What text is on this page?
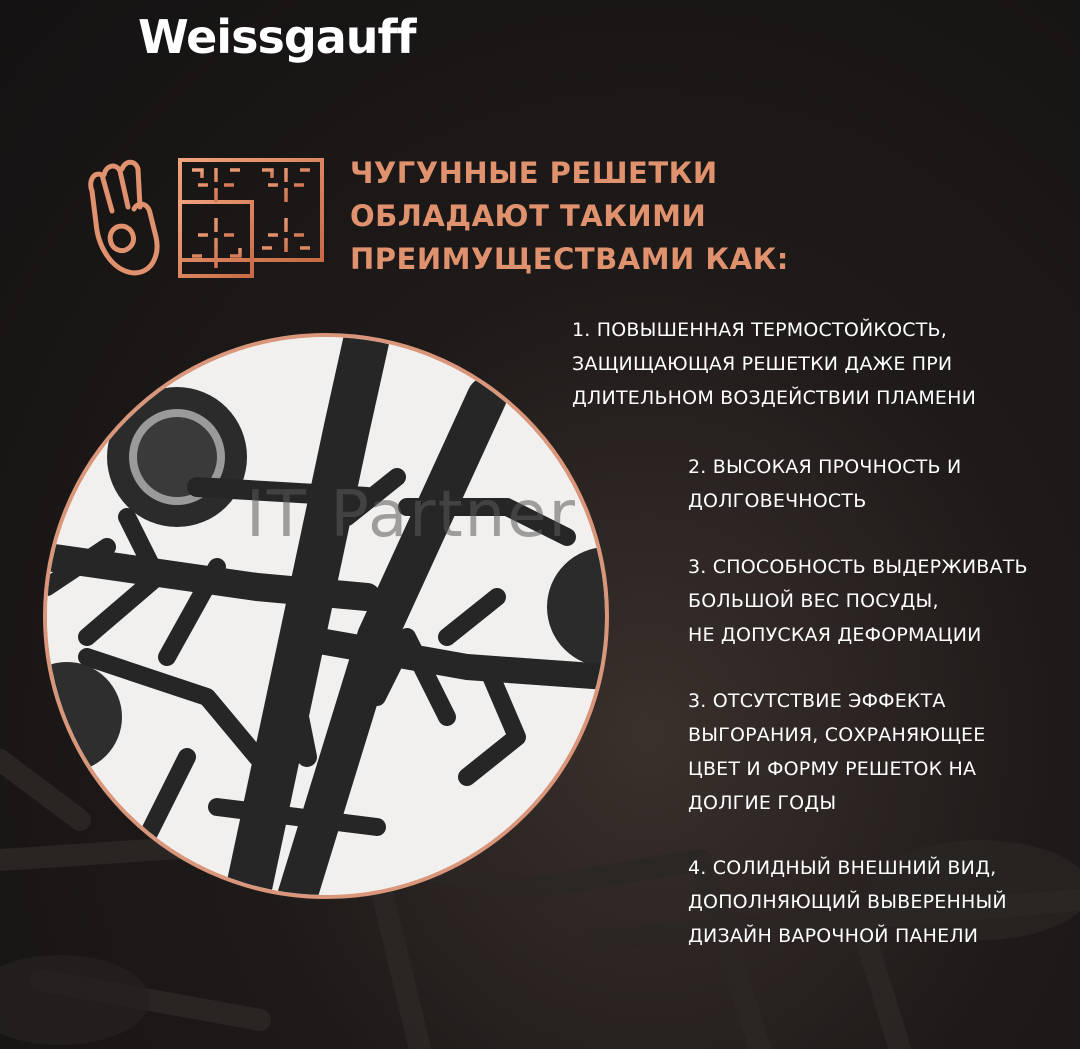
Weissgauff
ЧУГУННЫЕ РЕШЕТКИ
ОБЛАДАЮТ ТАКИМИ
ПРЕИМУЩЕСТВАМИ КАК:
IT Partner

1. ПОВЫШЕННАЯ ТЕРМОСТОЙКОСТЬ,
ЗАЩИЩАЮЩАЯ РЕШЕТКИ ДАЖЕ ПРИ
ДЛИТЕЛЬНОМ ВОЗДЕЙСТВИИ ПЛАМЕНИ

2. ВЫСОКАЯ ПРОЧНОСТЬ И
ДОЛГОВЕЧНОСТЬ

3. СПОСОБНОСТЬ ВЫДЕРЖИВАТЬ
БОЛЬШОЙ ВЕС ПОСУДЫ,
НЕ ДОПУСКАЯ ДЕФОРМАЦИИ

3. ОТСУТСТВИЕ ЭФФЕКТА
ВЫГОРАНИЯ, СОХРАНЯЮЩЕЕ
ЦВЕТ И ФОРМУ РЕШЕТОК НА
ДОЛГИЕ ГОДЫ

4. СОЛИДНЫЙ ВНЕШНИЙ ВИД,
ДОПОЛНЯЮЩИЙ ВЫВЕРЕННЫЙ
ДИЗАЙН ВАРОЧНОЙ ПАНЕЛИ
